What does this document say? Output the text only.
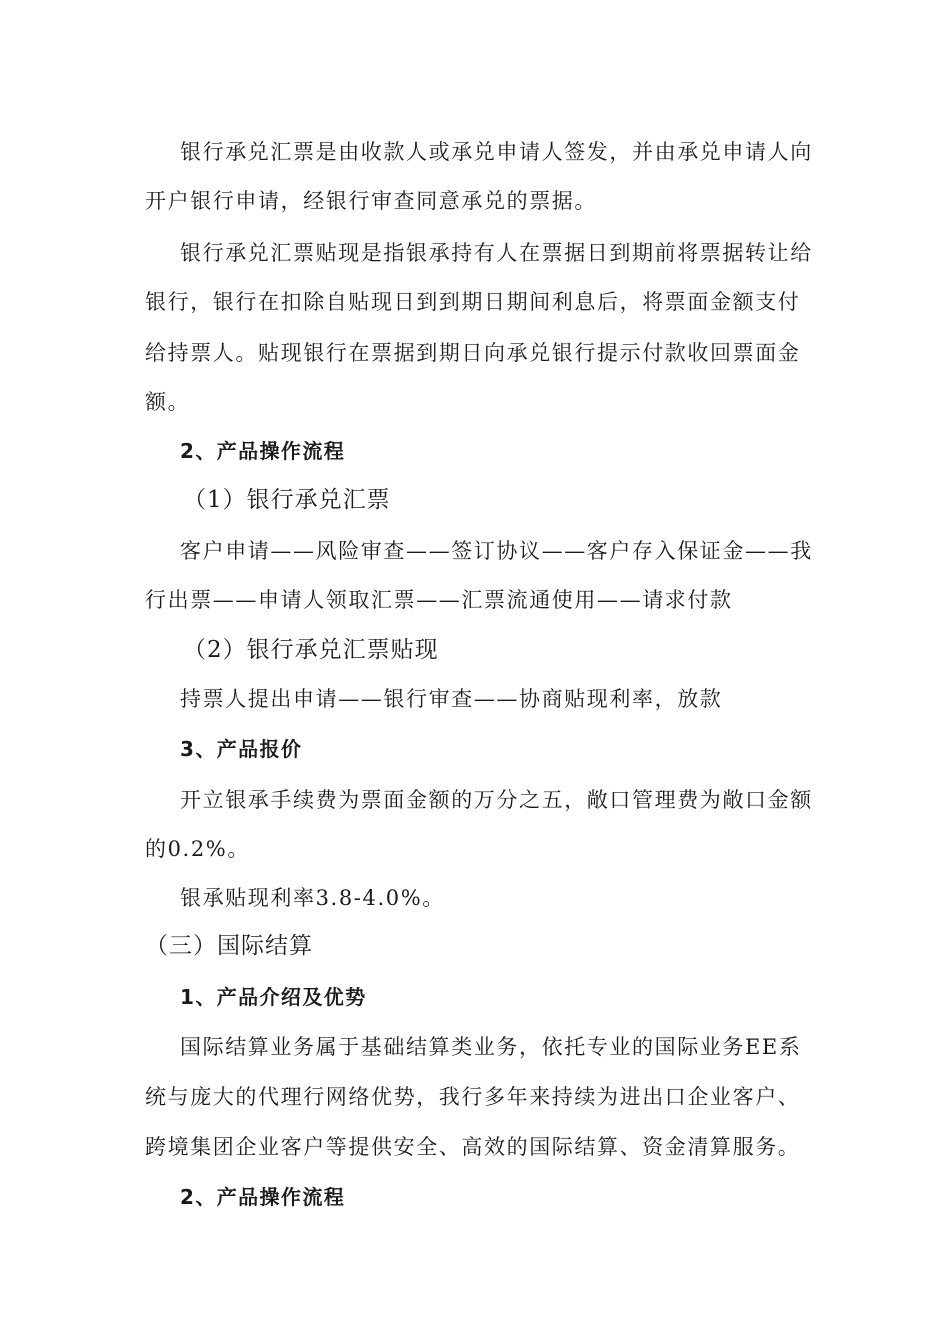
银行承兑汇票是由收款人或承兑申请人签发，并由承兑申请人向
开户银行申请，经银行审查同意承兑的票据。
银行承兑汇票贴现是指银承持有人在票据日到期前将票据转让给
银行，银行在扣除自贴现日到到期日期间利息后，将票面金额支付
给持票人。贴现银行在票据到期日向承兑银行提示付款收回票面金
额。
2、产品操作流程
（1）银行承兑汇票
客户申请——风险审查——签订协议——客户存入保证金——我
行出票——申请人领取汇票——汇票流通使用——请求付款
（2）银行承兑汇票贴现
持票人提出申请——银行审查——协商贴现利率，放款
3、产品报价
开立银承手续费为票面金额的万分之五，敞口管理费为敞口金额
的0.2%。
银承贴现利率3.8-4.0%。
（三）国际结算
1、产品介绍及优势
国际结算业务属于基础结算类业务，依托专业的国际业务EE系
统与庞大的代理行网络优势，我行多年来持续为进出口企业客户、
跨境集团企业客户等提供安全、高效的国际结算、资金清算服务。
2、产品操作流程
